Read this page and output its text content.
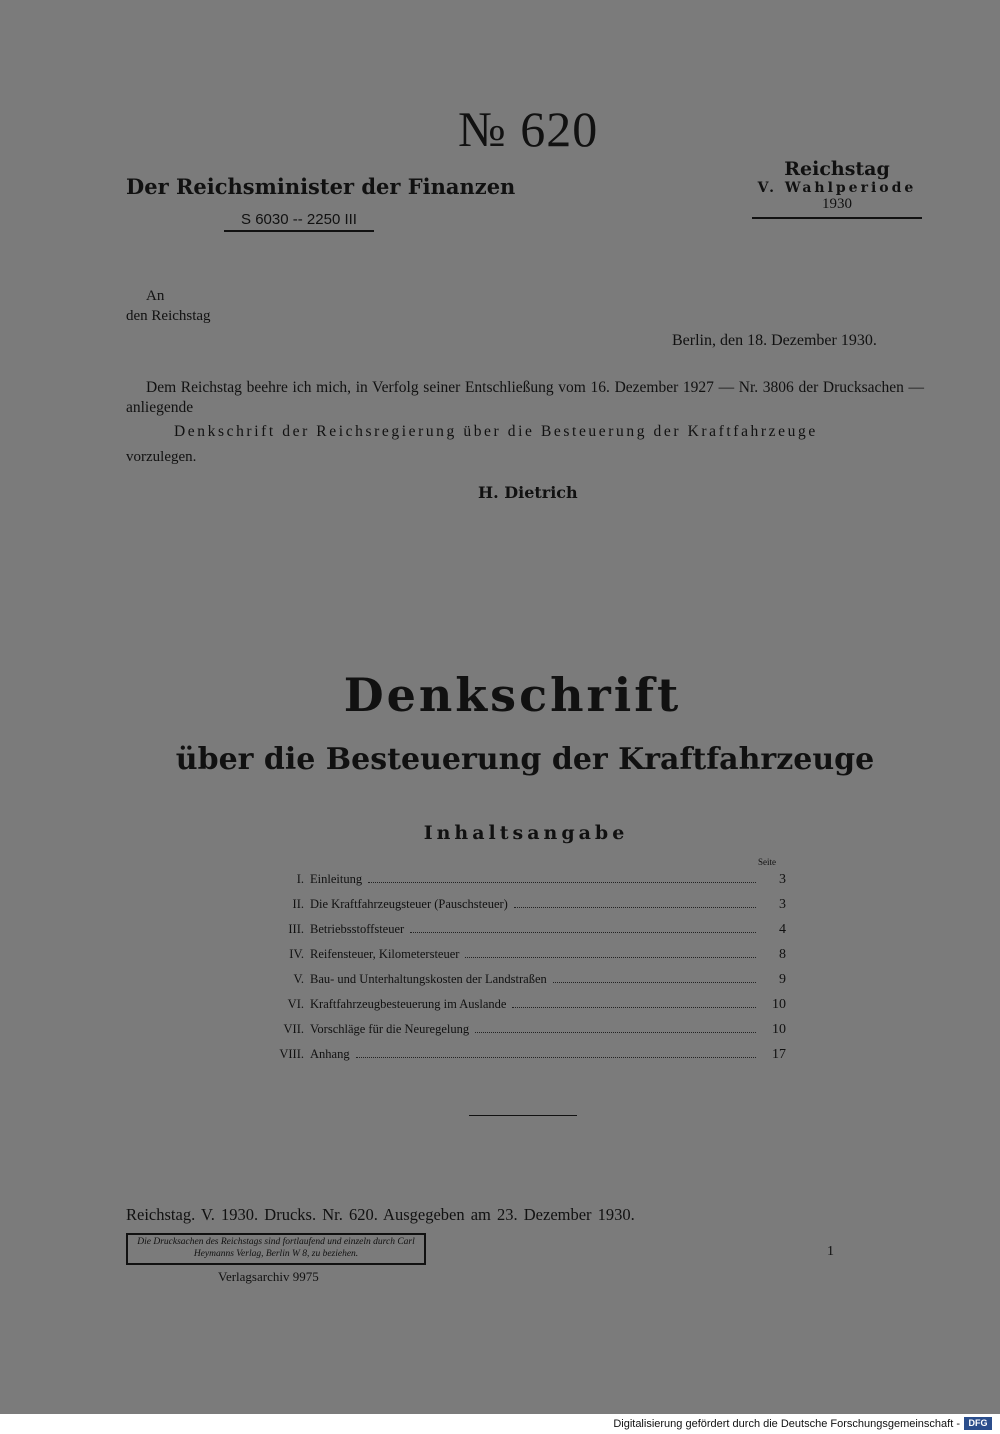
№ 620
Der Reichsminister der Finanzen
S 6030 -- 2250 III
Reichstag
V. Wahlperiode
1930
An
den Reichstag
Berlin, den 18. Dezember 1930.
Dem Reichstag beehre ich mich, in Verfolg seiner Entschließung vom 16. Dezember 1927 — Nr. 3806 der Drucksachen — anliegende
Denkschrift der Reichsregierung über die Besteuerung der Kraftfahrzeuge
vorzulegen.
H. Dietrich
Denkschrift
über die Besteuerung der Kraftfahrzeuge
Inhaltsangabe
Seite
I. Einleitung	3
II. Die Kraftfahrzeugsteuer (Pauschsteuer)	3
III. Betriebsstoffsteuer	4
IV. Reifensteuer, Kilometersteuer	8
V. Bau- und Unterhaltungskosten der Landstraßen	9
VI. Kraftfahrzeugbesteuerung im Auslande	10
VII. Vorschläge für die Neuregelung	10
VIII. Anhang	17
Reichstag. V. 1930. Drucks. Nr. 620. Ausgegeben am 23. Dezember 1930.
Die Drucksachen des Reichstags sind fortlaufend und einzeln durch Carl Heymanns Verlag, Berlin W 8, zu beziehen.
Verlagsarchiv 9975
1
Digitalisierung gefördert durch die Deutsche Forschungsgemeinschaft - DFG
